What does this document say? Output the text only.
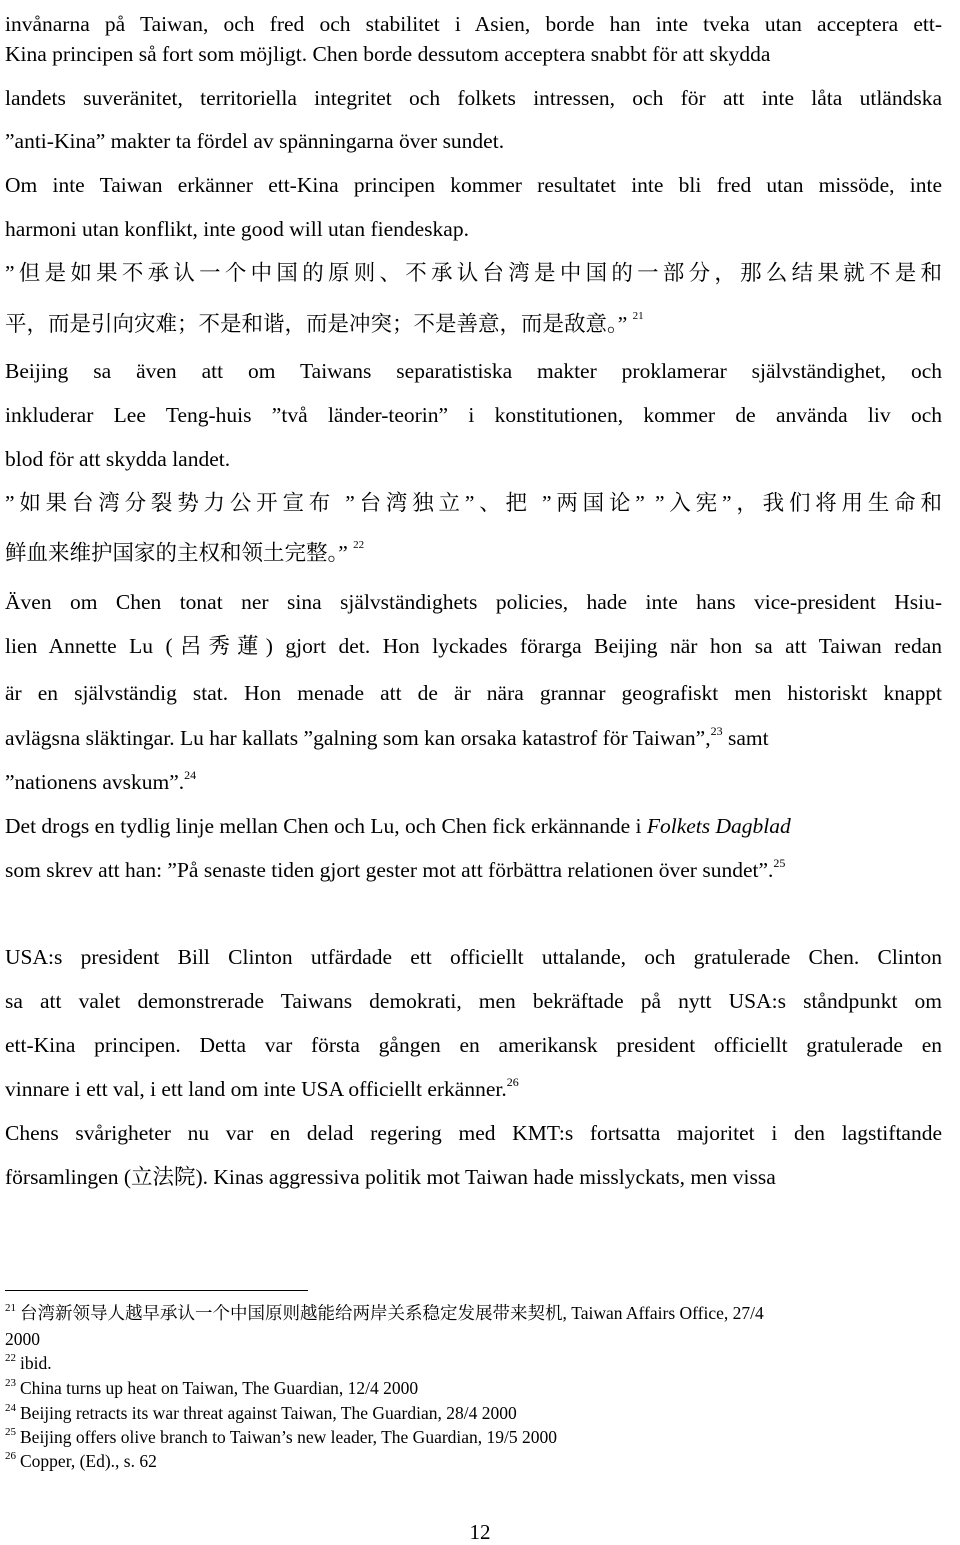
invånarna på Taiwan, och fred och stabilitet i Asien, borde han inte tveka utan acceptera ett-
Kina principen så fort som möjligt. Chen borde dessutom acceptera snabbt för att skydda
landets suveränitet, territoriella integritet och folkets intressen, och för att inte låta utländska
”anti-Kina” makter ta fördel av spänningarna över sundet.
Om inte Taiwan erkänner ett-Kina principen kommer resultatet inte bli fred utan missöde, inte
harmoni utan konflikt, inte good will utan fiendeskap.
”但是如果不承认一个中国的原则、不承认台湾是中国的一部分，那么结果就不是和
平，而是引向灾难；不是和谐，而是冲突；不是善意，而是敌意。” $^{21}$
Beijing sa även att om Taiwans separatistiska makter proklamerar självständighet, och
inkluderar Lee Teng-huis ”två länder-teorin” i konstitutionen, kommer de använda liv och
blod för att skydda landet.
”如果台湾分裂势力公开宣布 ”台湾独立”、把 ”两国论” ”入宪”，我们将用生命和
鲜血来维护国家的主权和领土完整。” $^{22}$
Även om Chen tonat ner sina självständighets policies, hade inte hans vice-president Hsiu-
lien Annette Lu (呂秀蓮) gjort det. Hon lyckades förarga Beijing när hon sa att Taiwan redan
är en självständig stat. Hon menade att de är nära grannar geografiskt men historiskt knappt
avlägsna släktingar. Lu har kallats ”galning som kan orsaka katastrof för Taiwan”,$^{23}$ samt
”nationens avskum”.$^{24}$
Det drogs en tydlig linje mellan Chen och Lu, och Chen fick erkännande i Folkets Dagblad
som skrev att han: ”På senaste tiden gjort gester mot att förbättra relationen över sundet”.$^{25}$
USA:s president Bill Clinton utfärdade ett officiellt uttalande, och gratulerade Chen. Clinton
sa att valet demonstrerade Taiwans demokrati, men bekräftade på nytt USA:s ståndpunkt om
ett-Kina principen. Detta var första gången en amerikansk president officiellt gratulerade en
vinnare i ett val, i ett land om inte USA officiellt erkänner.$^{26}$
Chens svårigheter nu var en delad regering med KMT:s fortsatta majoritet i den lagstiftande
församlingen (立法院). Kinas aggressiva politik mot Taiwan hade misslyckats, men vissa
$^{21}$ 台湾新领导人越早承认一个中国原则越能给两岸关系稳定发展带来契机, Taiwan Affairs Office, 27/4
2000
$^{22}$ ibid.
$^{23}$ China turns up heat on Taiwan, The Guardian, 12/4 2000
$^{24}$ Beijing retracts its war threat against Taiwan, The Guardian, 28/4 2000
$^{25}$ Beijing offers olive branch to Taiwan’s new leader, The Guardian, 19/5 2000
$^{26}$ Copper, (Ed)., s. 62
12
